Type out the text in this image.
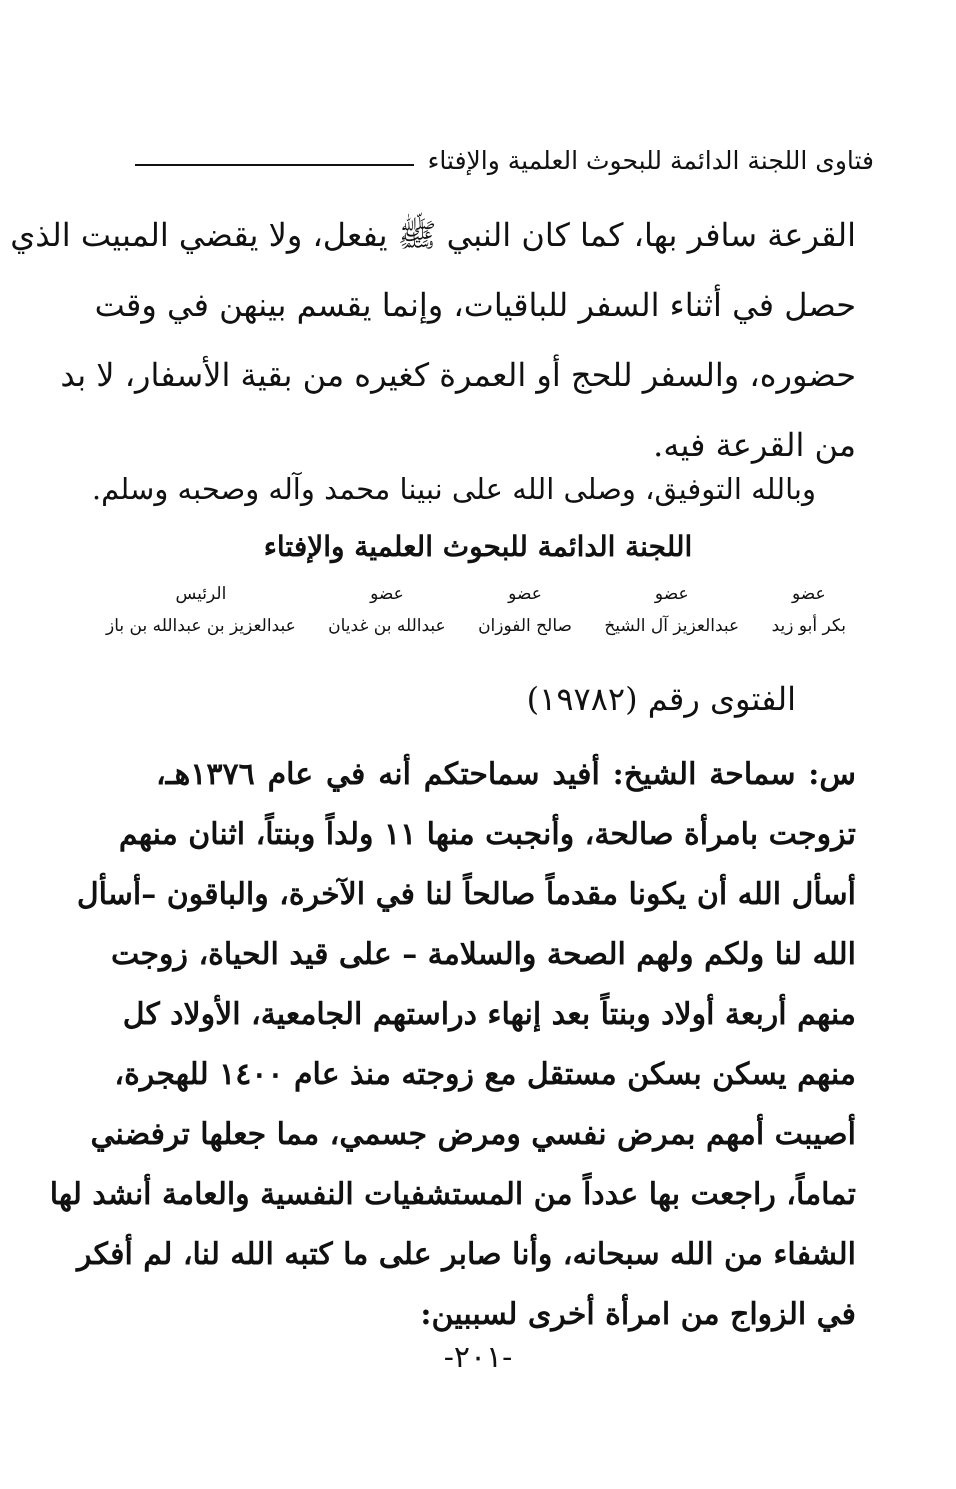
فتاوى اللجنة الدائمة للبحوث العلمية والإفتاء
القرعة سافر بها، كما كان النبي ﷺ يفعل، ولا يقضي المبيت الذي
حصل في أثناء السفر للباقيات، وإنما يقسم بينهن في وقت
حضوره، والسفر للحج أو العمرة كغيره من بقية الأسفار، لا بد
من القرعة فيه.
وبالله التوفيق، وصلى الله على نبينا محمد وآله وصحبه وسلم.
اللجنة الدائمة للبحوث العلمية والإفتاء
عضو
بكر أبو زيد
عضو
عبدالعزيز آل الشيخ
عضو
صالح الفوزان
عضو
عبدالله بن غديان
الرئيس
عبدالعزيز بن عبدالله بن باز
الفتوى رقم (١٩٧٨٢)
س: سماحة الشيخ: أفيد سماحتكم أنه في عام ١٣٧٦هـ،
تزوجت بامرأة صالحة، وأنجبت منها ١١ ولداً وبنتاً، اثنان منهم
أسأل الله أن يكونا مقدماً صالحاً لنا في الآخرة، والباقون –أسأل
الله لنا ولكم ولهم الصحة والسلامة – على قيد الحياة، زوجت
منهم أربعة أولاد وبنتاً بعد إنهاء دراستهم الجامعية، الأولاد كل
منهم يسكن بسكن مستقل مع زوجته منذ عام ١٤٠٠ للهجرة،
أصيبت أمهم بمرض نفسي ومرض جسمي، مما جعلها ترفضني
تماماً، راجعت بها عدداً من المستشفيات النفسية والعامة أنشد لها
الشفاء من الله سبحانه، وأنا صابر على ما كتبه الله لنا، لم أفكر
في الزواج من امرأة أخرى لسببين:
-٢٠١-
